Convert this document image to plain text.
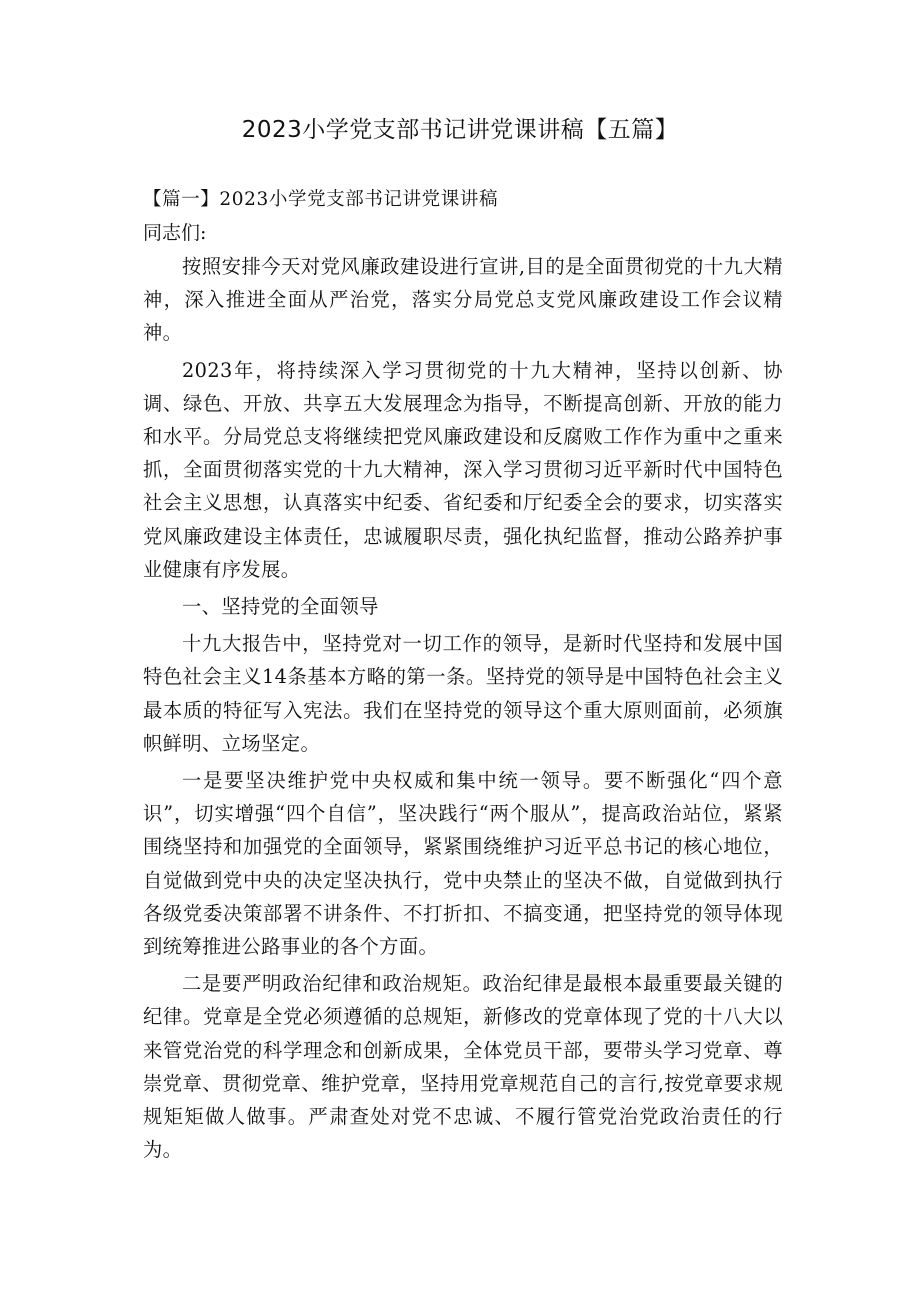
2023小学党支部书记讲党课讲稿【五篇】

【篇一】2023小学党支部书记讲党课讲稿

同志们:

按照安排今天对党风廉政建设进行宣讲,目的是全面贯彻党的十九大精神，深入推进全面从严治党，落实分局党总支党风廉政建设工作会议精神。

2023年，将持续深入学习贯彻党的十九大精神，坚持以创新、协调、绿色、开放、共享五大发展理念为指导，不断提高创新、开放的能力和水平。分局党总支将继续把党风廉政建设和反腐败工作作为重中之重来抓，全面贯彻落实党的十九大精神，深入学习贯彻习近平新时代中国特色社会主义思想，认真落实中纪委、省纪委和厅纪委全会的要求，切实落实党风廉政建设主体责任，忠诚履职尽责，强化执纪监督，推动公路养护事业健康有序发展。

一、坚持党的全面领导

十九大报告中，坚持党对一切工作的领导，是新时代坚持和发展中国特色社会主义14条基本方略的第一条。坚持党的领导是中国特色社会主义最本质的特征写入宪法。我们在坚持党的领导这个重大原则面前，必须旗帜鲜明、立场坚定。

一是要坚决维护党中央权威和集中统一领导。要不断强化“四个意识”，切实增强“四个自信”，坚决践行“两个服从”，提高政治站位，紧紧围绕坚持和加强党的全面领导，紧紧围绕维护习近平总书记的核心地位，自觉做到党中央的决定坚决执行，党中央禁止的坚决不做，自觉做到执行各级党委决策部署不讲条件、不打折扣、不搞变通，把坚持党的领导体现到统筹推进公路事业的各个方面。

二是要严明政治纪律和政治规矩。政治纪律是最根本最重要最关键的纪律。党章是全党必须遵循的总规矩，新修改的党章体现了党的十八大以来管党治党的科学理念和创新成果，全体党员干部，要带头学习党章、尊崇党章、贯彻党章、维护党章，坚持用党章规范自己的言行,按党章要求规规矩矩做人做事。严肃查处对党不忠诚、不履行管党治党政治责任的行为。
